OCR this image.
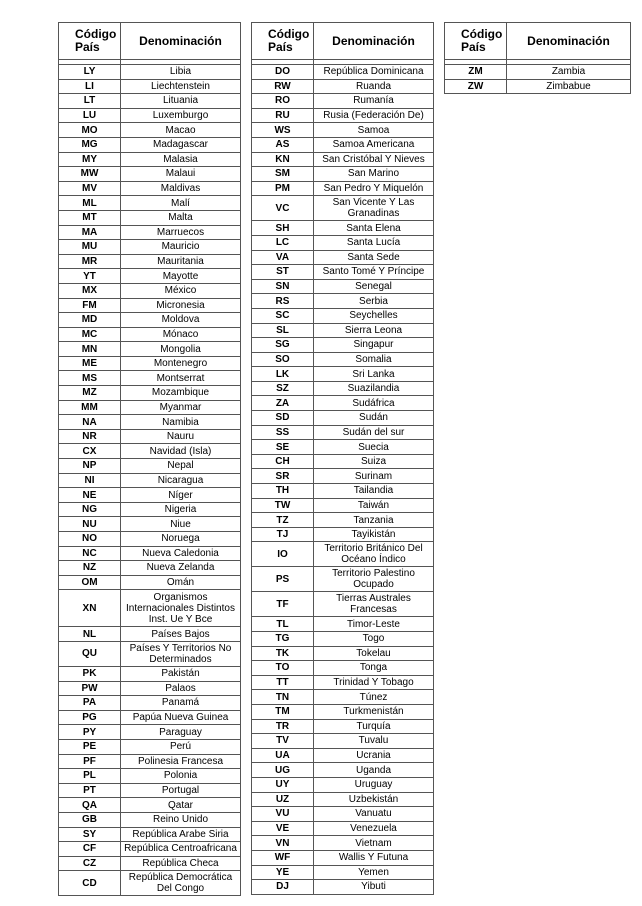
Código País	Denominación

LY	Libia
LI	Liechtenstein
LT	Lituania
LU	Luxemburgo
MO	Macao
MG	Madagascar
MY	Malasia
MW	Malaui
MV	Maldivas
ML	Malí
MT	Malta
MA	Marruecos
MU	Mauricio
MR	Mauritania
YT	Mayotte
MX	México
FM	Micronesia
MD	Moldova
MC	Mónaco
MN	Mongolia
ME	Montenegro
MS	Montserrat
MZ	Mozambique
MM	Myanmar
NA	Namibia
NR	Nauru
CX	Navidad (Isla)
NP	Nepal
NI	Nicaragua
NE	Níger
NG	Nigeria
NU	Niue
NO	Noruega
NC	Nueva Caledonia
NZ	Nueva Zelanda
OM	Omán
XN	Organismos Internacionales Distintos Inst. Ue Y Bce
NL	Países Bajos
QU	Países Y Territorios No Determinados
PK	Pakistán
PW	Palaos
PA	Panamá
PG	Papúa Nueva Guinea
PY	Paraguay
PE	Perú
PF	Polinesia Francesa
PL	Polonia
PT	Portugal
QA	Qatar
GB	Reino Unido
SY	República Arabe Siria
CF	República Centroafricana
CZ	República Checa
CD	República Democrática Del Congo
Código País	Denominación

DO	República Dominicana
RW	Ruanda
RO	Rumanía
RU	Rusia (Federación De)
WS	Samoa
AS	Samoa Americana
KN	San Cristóbal Y Nieves
SM	San Marino
PM	San Pedro Y Miquelón
VC	San Vicente Y Las Granadinas
SH	Santa Elena
LC	Santa Lucía
VA	Santa Sede
ST	Santo Tomé Y Príncipe
SN	Senegal
RS	Serbia
SC	Seychelles
SL	Sierra Leona
SG	Singapur
SO	Somalia
LK	Sri Lanka
SZ	Suazilandia
ZA	Sudáfrica
SD	Sudán
SS	Sudán del sur
SE	Suecia
CH	Suiza
SR	Surinam
TH	Tailandia
TW	Taiwán
TZ	Tanzania
TJ	Tayikistán
IO	Territorio Británico Del Océano Índico
PS	Territorio Palestino Ocupado
TF	Tierras Australes Francesas
TL	Timor-Leste
TG	Togo
TK	Tokelau
TO	Tonga
TT	Trinidad Y Tobago
TN	Túnez
TM	Turkmenistán
TR	Turquía
TV	Tuvalu
UA	Ucrania
UG	Uganda
UY	Uruguay
UZ	Uzbekistán
VU	Vanuatu
VE	Venezuela
VN	Vietnam
WF	Wallis Y Futuna
YE	Yemen
DJ	Yibuti
Código País	Denominación

ZM	Zambia
ZW	Zimbabue
